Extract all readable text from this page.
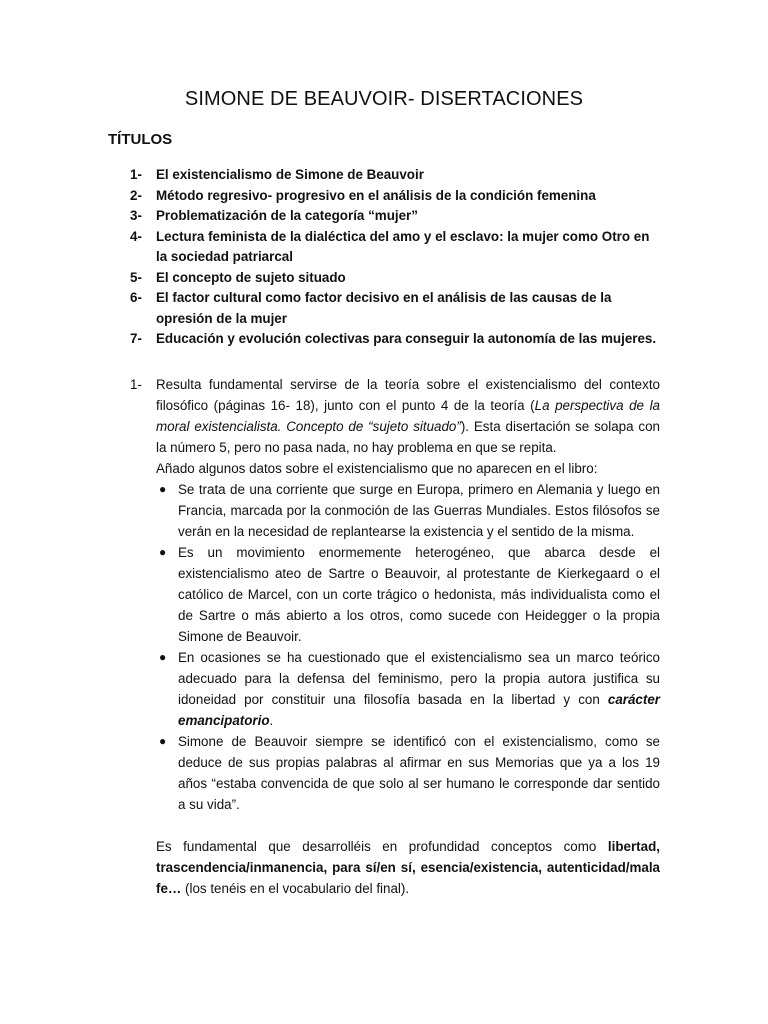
SIMONE DE BEAUVOIR- DISERTACIONES
TÍTULOS
1- El existencialismo de Simone de Beauvoir
2- Método regresivo- progresivo en el análisis de la condición femenina
3- Problematización de la categoría “mujer”
4- Lectura feminista de la dialéctica del amo y el esclavo: la mujer como Otro en la sociedad patriarcal
5- El concepto de sujeto situado
6- El factor cultural como factor decisivo en el análisis de las causas de la opresión de la mujer
7- Educación y evolución colectivas para conseguir la autonomía de las mujeres.
1- Resulta fundamental servirse de la teoría sobre el existencialismo del contexto filosófico (páginas 16- 18), junto con el punto 4 de la teoría (La perspectiva de la moral existencialista. Concepto de “sujeto situado”). Esta disertación se solapa con la número 5, pero no pasa nada, no hay problema en que se repita.

Añado algunos datos sobre el existencialismo que no aparecen en el libro:

● Se trata de una corriente que surge en Europa, primero en Alemania y luego en Francia, marcada por la conmoción de las Guerras Mundiales. Estos filósofos se verán en la necesidad de replantearse la existencia y el sentido de la misma.
● Es un movimiento enormemente heterogéneo, que abarca desde el existencialismo ateo de Sartre o Beauvoir, al protestante de Kierkegaard o el católico de Marcel, con un corte trágico o hedonista, más individualista como el de Sartre o más abierto a los otros, como sucede con Heidegger o la propia Simone de Beauvoir.
● En ocasiones se ha cuestionado que el existencialismo sea un marco teórico adecuado para la defensa del feminismo, pero la propia autora justifica su idoneidad por constituir una filosofía basada en la libertad y con carácter emancipatorio.
● Simone de Beauvoir siempre se identificó con el existencialismo, como se deduce de sus propias palabras al afirmar en sus Memorias que ya a los 19 años “estaba convencida de que solo al ser humano le corresponde dar sentido a su vida”.

Es fundamental que desarrolléis en profundidad conceptos como libertad, trascendencia/inmanencia, para sí/en sí, esencia/existencia, autenticidad/mala fe… (los tenéis en el vocabulario del final).
